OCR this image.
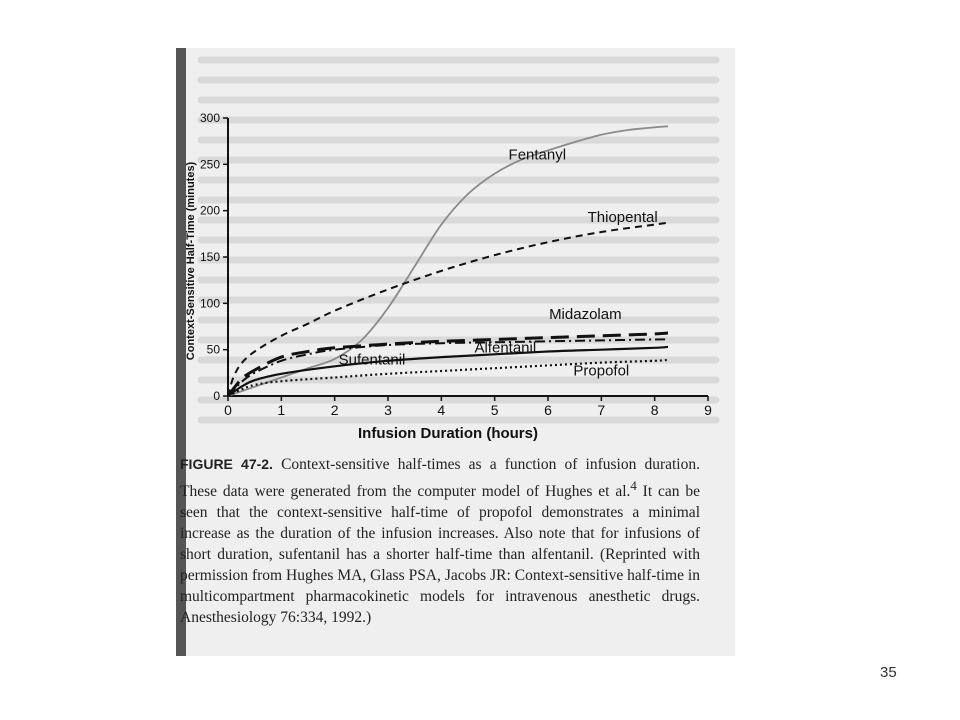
0	1	2	3	4	5	6	7	8	9
0
50
100
150
200
250
300
Fentanyl
Thiopental
Midazolam
Alfentanil
Sufentanil
Propofol
Infusion Duration (hours)
Context-Sensitive Half-Time (minutes)
FIGURE 47-2. Context-sensitive half-times as a function of infusion duration. These data were generated from the computer model of Hughes et al.$^4$ It can be seen that the context-sensitive half-time of propofol demonstrates a minimal increase as the duration of the infusion increases. Also note that for infusions of short duration, sufentanil has a shorter half-time than alfentanil. (Reprinted with permission from Hughes MA, Glass PSA, Jacobs JR: Context-sensitive half-time in multicompartment pharmacokinetic models for intravenous anesthetic drugs. Anesthesiology 76:334, 1992.)
35
